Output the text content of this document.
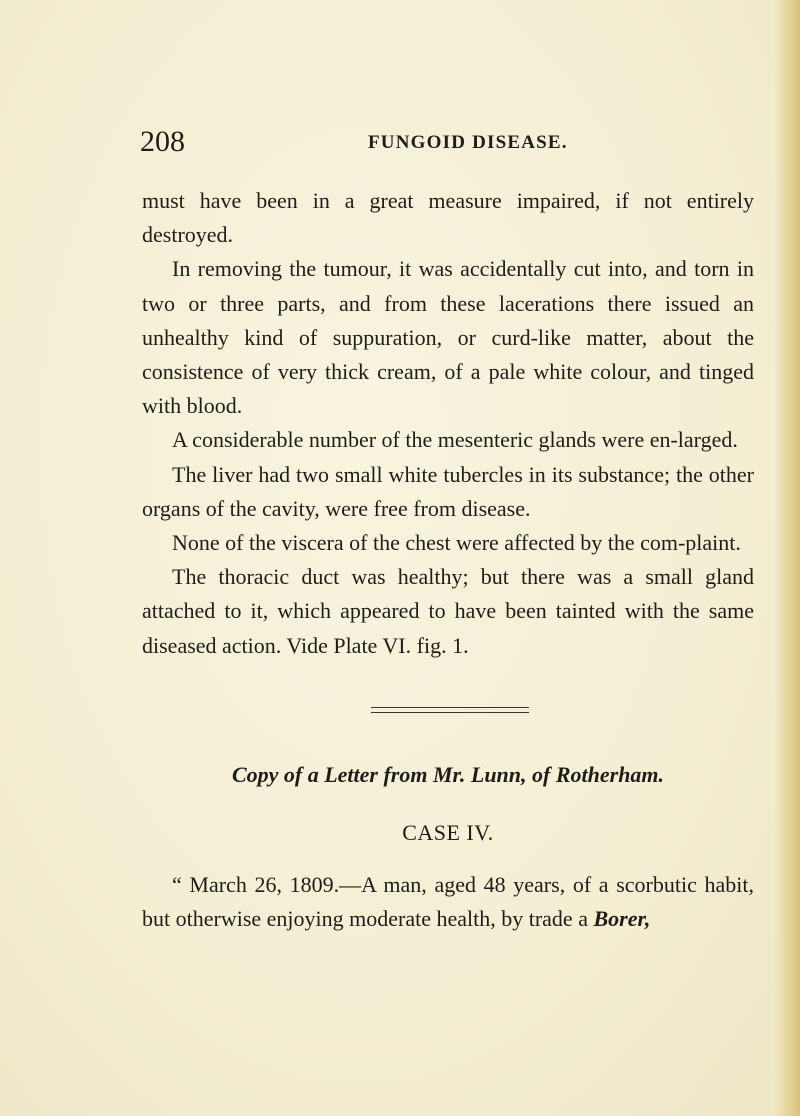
208	FUNGOID DISEASE.

must have been in a great measure impaired, if not entirely destroyed.

In removing the tumour, it was accidentally cut into, and torn in two or three parts, and from these lacerations there issued an unhealthy kind of suppuration, or curd-like matter, about the consistence of very thick cream, of a pale white colour, and tinged with blood.

A considerable number of the mesenteric glands were en-larged.

The liver had two small white tubercles in its substance; the other organs of the cavity, were free from disease.

None of the viscera of the chest were affected by the com-plaint.

The thoracic duct was healthy; but there was a small gland attached to it, which appeared to have been tainted with the same diseased action. Vide Plate VI. fig. 1.

Copy of a Letter from Mr. Lunn, of Rotherham.
CASE IV.

“ March 26, 1809.—A man, aged 48 years, of a scorbutic habit, but otherwise enjoying moderate health, by trade a Borer,
